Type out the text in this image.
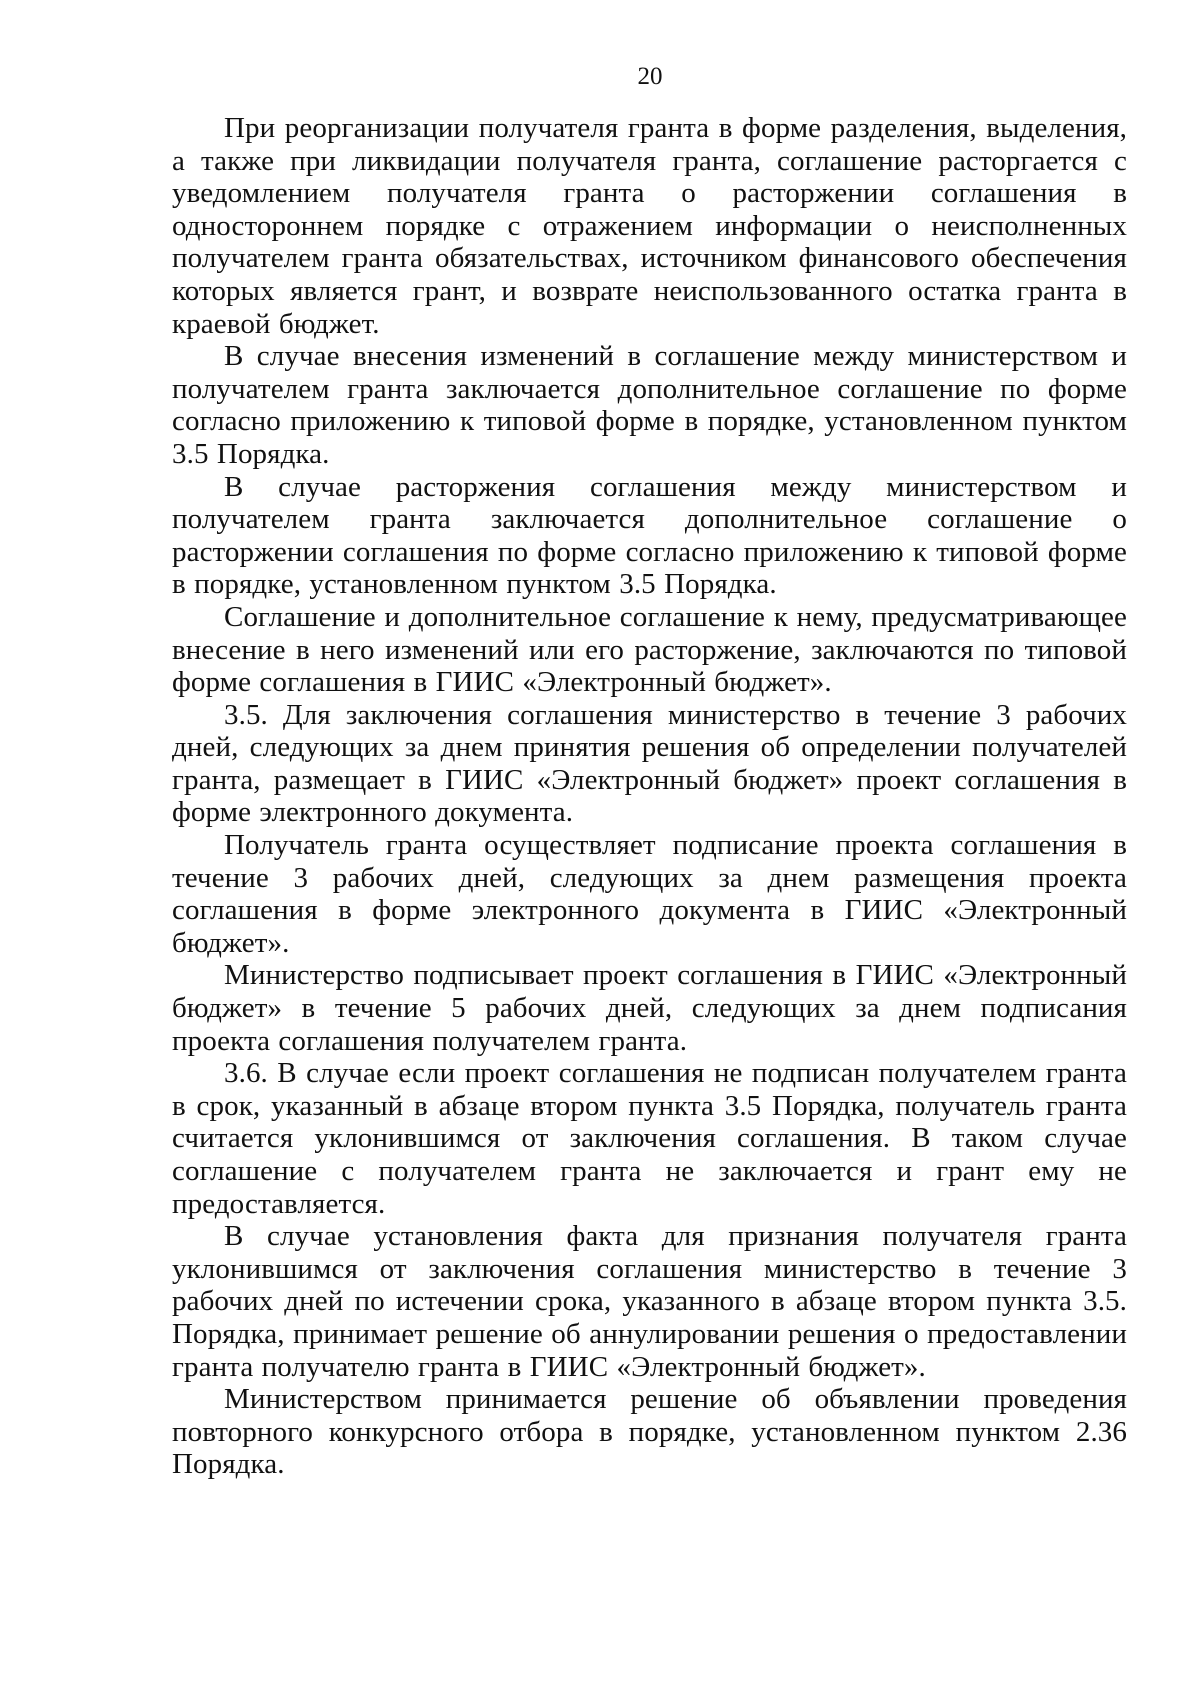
20

При реорганизации получателя гранта в форме разделения, выделения, а также при ликвидации получателя гранта, соглашение расторгается с уведомлением получателя гранта о расторжении соглашения в одностороннем порядке с отражением информации о неисполненных получателем гранта обязательствах, источником финансового обеспечения которых является грант, и возврате неиспользованного остатка гранта в краевой бюджет.

В случае внесения изменений в соглашение между министерством и получателем гранта заключается дополнительное соглашение по форме согласно приложению к типовой форме в порядке, установленном пунктом 3.5 Порядка.

В случае расторжения соглашения между министерством и получателем гранта заключается дополнительное соглашение о расторжении соглашения по форме согласно приложению к типовой форме в порядке, установленном пунктом 3.5 Порядка.

Соглашение и дополнительное соглашение к нему, предусматривающее внесение в него изменений или его расторжение, заключаются по типовой форме соглашения в ГИИС «Электронный бюджет».

3.5. Для заключения соглашения министерство в течение 3 рабочих дней, следующих за днем принятия решения об определении получателей гранта, размещает в ГИИС «Электронный бюджет» проект соглашения в форме электронного документа.

Получатель гранта осуществляет подписание проекта соглашения в течение 3 рабочих дней, следующих за днем размещения проекта соглашения в форме электронного документа в ГИИС «Электронный бюджет».

Министерство подписывает проект соглашения в ГИИС «Электронный бюджет» в течение 5 рабочих дней, следующих за днем подписания проекта соглашения получателем гранта.

3.6. В случае если проект соглашения не подписан получателем гранта в срок, указанный в абзаце втором пункта 3.5 Порядка, получатель гранта считается уклонившимся от заключения соглашения. В таком случае соглашение с получателем гранта не заключается и грант ему не предоставляется.

В случае установления факта для признания получателя гранта уклонившимся от заключения соглашения министерство в течение 3 рабочих дней по истечении срока, указанного в абзаце втором пункта 3.5. Порядка, принимает решение об аннулировании решения о предоставлении гранта получателю гранта в ГИИС «Электронный бюджет».

Министерством принимается решение об объявлении проведения повторного конкурсного отбора в порядке, установленном пунктом 2.36 Порядка.
